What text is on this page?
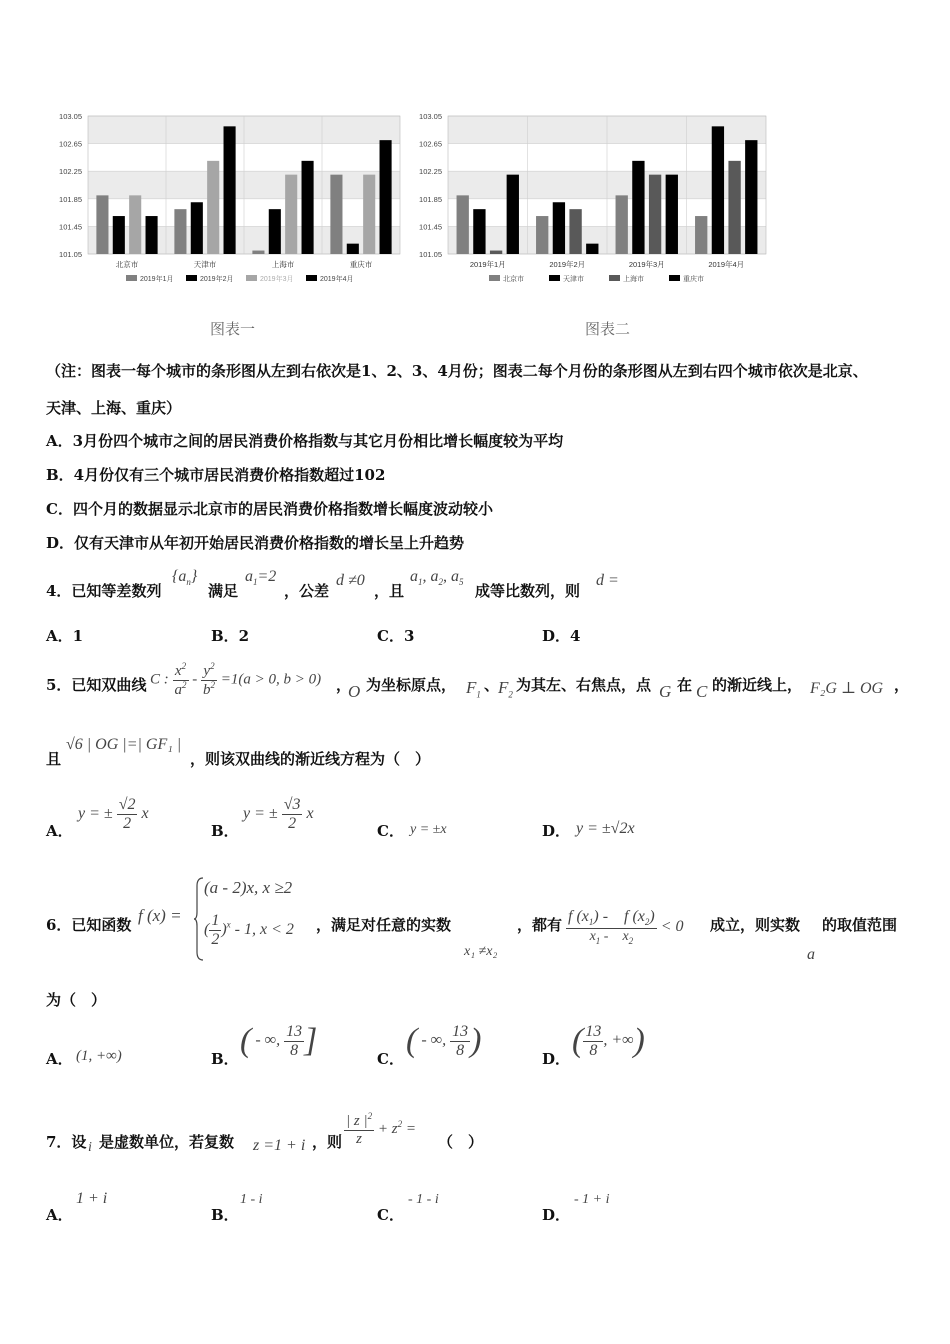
103.05
102.65
102.25
101.85
101.45
101.05
北京市	天津市	上海市	重庆市
2019年1月	2019年2月	2019年3月	2019年4月
103.05
102.65
102.25
101.85
101.45
101.05
2019年1月	2019年2月	2019年3月	2019年4月
北京市	天津市	上海市	重庆市
图表一	图表二
（注：图表一每个城市的条形图从左到右依次是1、2、3、4月份；图表二每个月份的条形图从左到右四个城市依次是北京、
天津、上海、重庆）
A．3月份四个城市之间的居民消费价格指数与其它月份相比增长幅度较为平均
B．4月份仅有三个城市居民消费价格指数超过102
C．四个月的数据显示北京市的居民消费价格指数增长幅度波动较小
D．仅有天津市从年初开始居民消费价格指数的增长呈上升趋势
4．已知等差数列
$\{a_n\}$
满足
$a_1=2$
，公差
d ≠0
，且
$a_1$, $a_2$, $a_5$ 成等比数列，则
d =
A．1	B．2	C．3	D．4
5．已知双曲线 C : $\frac{x^2}{a^2} - \frac{y^2}{b^2} =1(a > 0$, b > 0) ，
O 为坐标原点， $F_1$
、
$F_2$
为其左、右焦点，点 G 在 C 的渐近线上， F₂G ⊥ OG ，
且
√6 | OG |=| GF₁ |
，则该双曲线的渐近线方程为（　）
A．
y = ± $\frac{√2}{2}$ x
B．
y = ± $\frac{√3}{2}$ x
C． y = ±x	D． y = ±√2x
6．已知函数 f (x) =
(a - 2)x, x ≥2
( $\frac{1}{2} )^x - 1$, x < 2 ，满足对任意的实数
x₁ ≠x₂
，都有 $\frac{f (x_1) - f (x_2)}{x_1 - x_2} < 0$ 成立，则实数 的取值范围
a
为（　）
A． (1, +∞)	B． ( - ∞, $\frac{13}{8}$ ]	C． ( - ∞, $\frac{13}{8}$ )	D． ( $\frac{13}{8}$ , +∞)
7．设 i 是虚数单位，若复数 z =1 + i ，则 $\frac{| z |^2}{z} + z^2$ =
（　）
A．
1 + i
B．
1 - i
C．
- 1 - i
D．
- 1 + i
